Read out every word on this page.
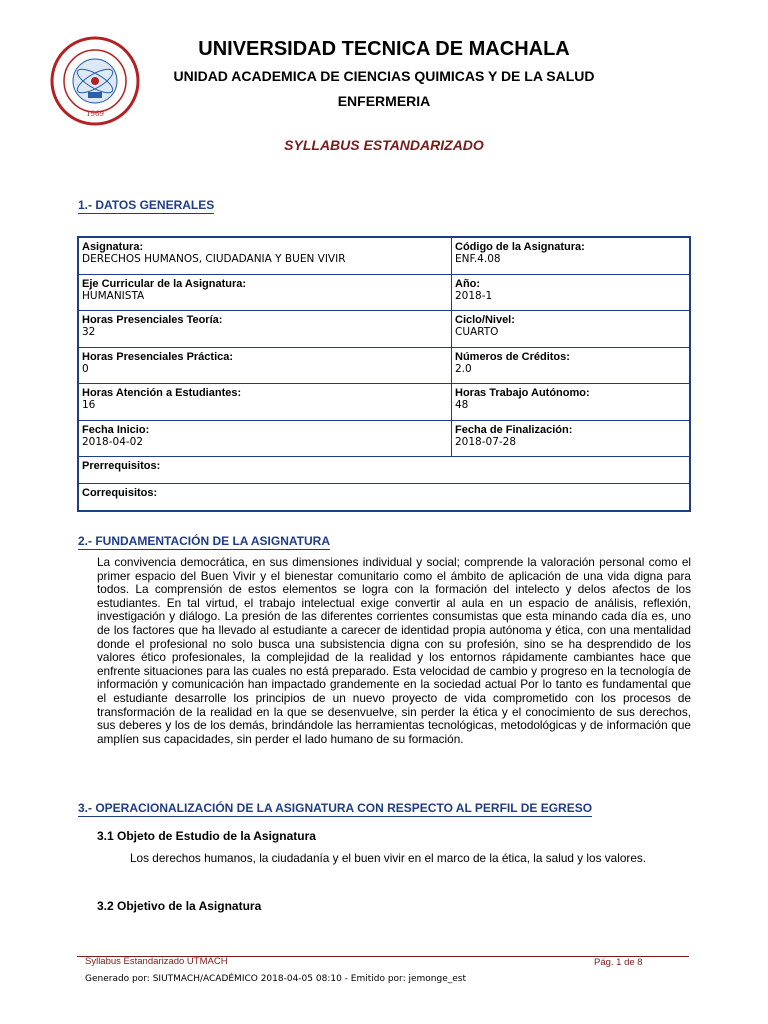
1969
UNIVERSIDAD TECNICA DE MACHALA
UNIDAD ACADEMICA DE CIENCIAS QUIMICAS Y DE LA SALUD
ENFERMERIA
SYLLABUS ESTANDARIZADO
1.- DATOS GENERALES
Asignatura:
DERECHOS HUMANOS, CIUDADANIA Y BUEN VIVIR
Código de la Asignatura:
ENF.4.08
Eje Curricular de la Asignatura:
HUMANISTA
Año:
2018-1
Horas Presenciales Teoría:
32
Ciclo/Nivel:
CUARTO
Horas Presenciales Práctica:
0
Números de Créditos:
2.0
Horas Atención a Estudiantes:
16
Horas Trabajo Autónomo:
48
Fecha Inicio:
2018-04-02
Fecha de Finalización:
2018-07-28
Prerrequisitos:
Correquisitos:
2.- FUNDAMENTACIÓN DE LA ASIGNATURA
La convivencia democrática, en sus dimensiones individual y social; comprende la valoración personal como el primer espacio del Buen Vivir y el bienestar comunitario como el ámbito de aplicación de una vida digna para todos. La comprensión de estos elementos se logra con la formación del intelecto y delos afectos de los estudiantes. En tal virtud, el trabajo intelectual exige convertir al aula en un espacio de análisis, reflexión, investigación y diálogo. La presión de las diferentes corrientes consumistas que esta minando cada día es, uno de los factores que ha llevado al estudiante a carecer de identidad propia autónoma y ética, con una mentalidad donde el profesional no solo busca una subsistencia digna con su profesión, sino se ha desprendido de los valores ético profesionales, la complejidad de la realidad y los entornos rápidamente cambiantes hace que enfrente situaciones para las cuales no está preparado. Esta velocidad de cambio y progreso en la tecnología de información y comunicación han impactado grandemente en la sociedad actual Por lo tanto es fundamental que el estudiante desarrolle los principios de un nuevo proyecto de vida comprometido con los procesos de transformación de la realidad en la que se desenvuelve, sin perder la ética y el conocimiento de sus derechos, sus deberes y los de los demás, brindándole las herramientas tecnológicas, metodológicas y de información que amplíen sus capacidades, sin perder el lado humano de su formación.
3.- OPERACIONALIZACIÓN DE LA ASIGNATURA CON RESPECTO AL PERFIL DE EGRESO
3.1 Objeto de Estudio de la Asignatura
Los derechos humanos, la ciudadanía y el buen vivir en el marco de la ética, la salud y los valores.
3.2 Objetivo de la Asignatura
Syllabus Estandarizado UTMACH	Pág. 1 de 8
Generado por: SIUTMACH/ACADÉMICO 2018-04-05 08:10 - Emitido por: jemonge_est
